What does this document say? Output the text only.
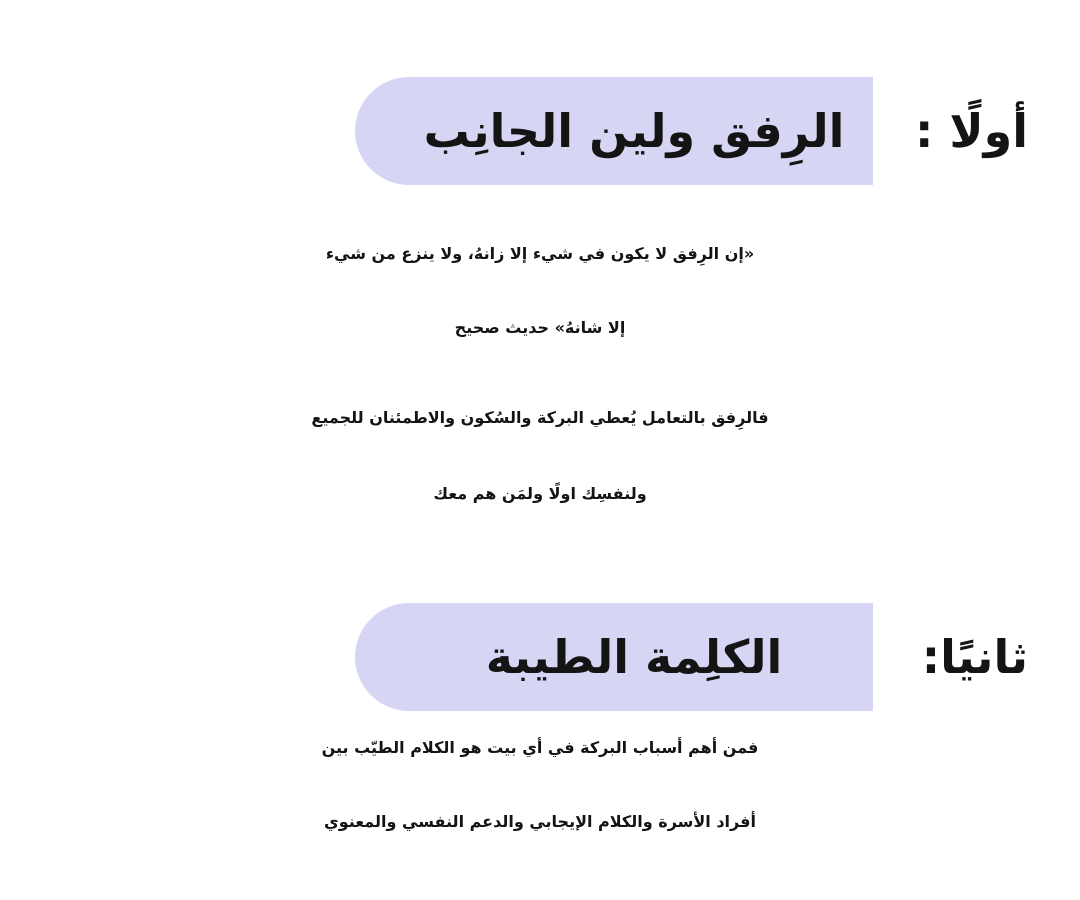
أولًا :
الرِفق ولين الجانِب
«إن الرِفق لا يكون في شيء إلا زانهُ، ولا ينزع من شيء
إلا شانهُ» حديث صحيح
فالرِفق بالتعامل يُعطي البركة والسُكون والاطمئنان للجميع
ولنفسِك اولًا ولمَن هم معك
ثانيًا:
الكلِمة الطيبة
فمن أهم أسباب البركة في أي بيت هو الكلام الطيّب بين
أفراد الأسرة والكلام الإيجابي والدعم النفسي والمعنوي
